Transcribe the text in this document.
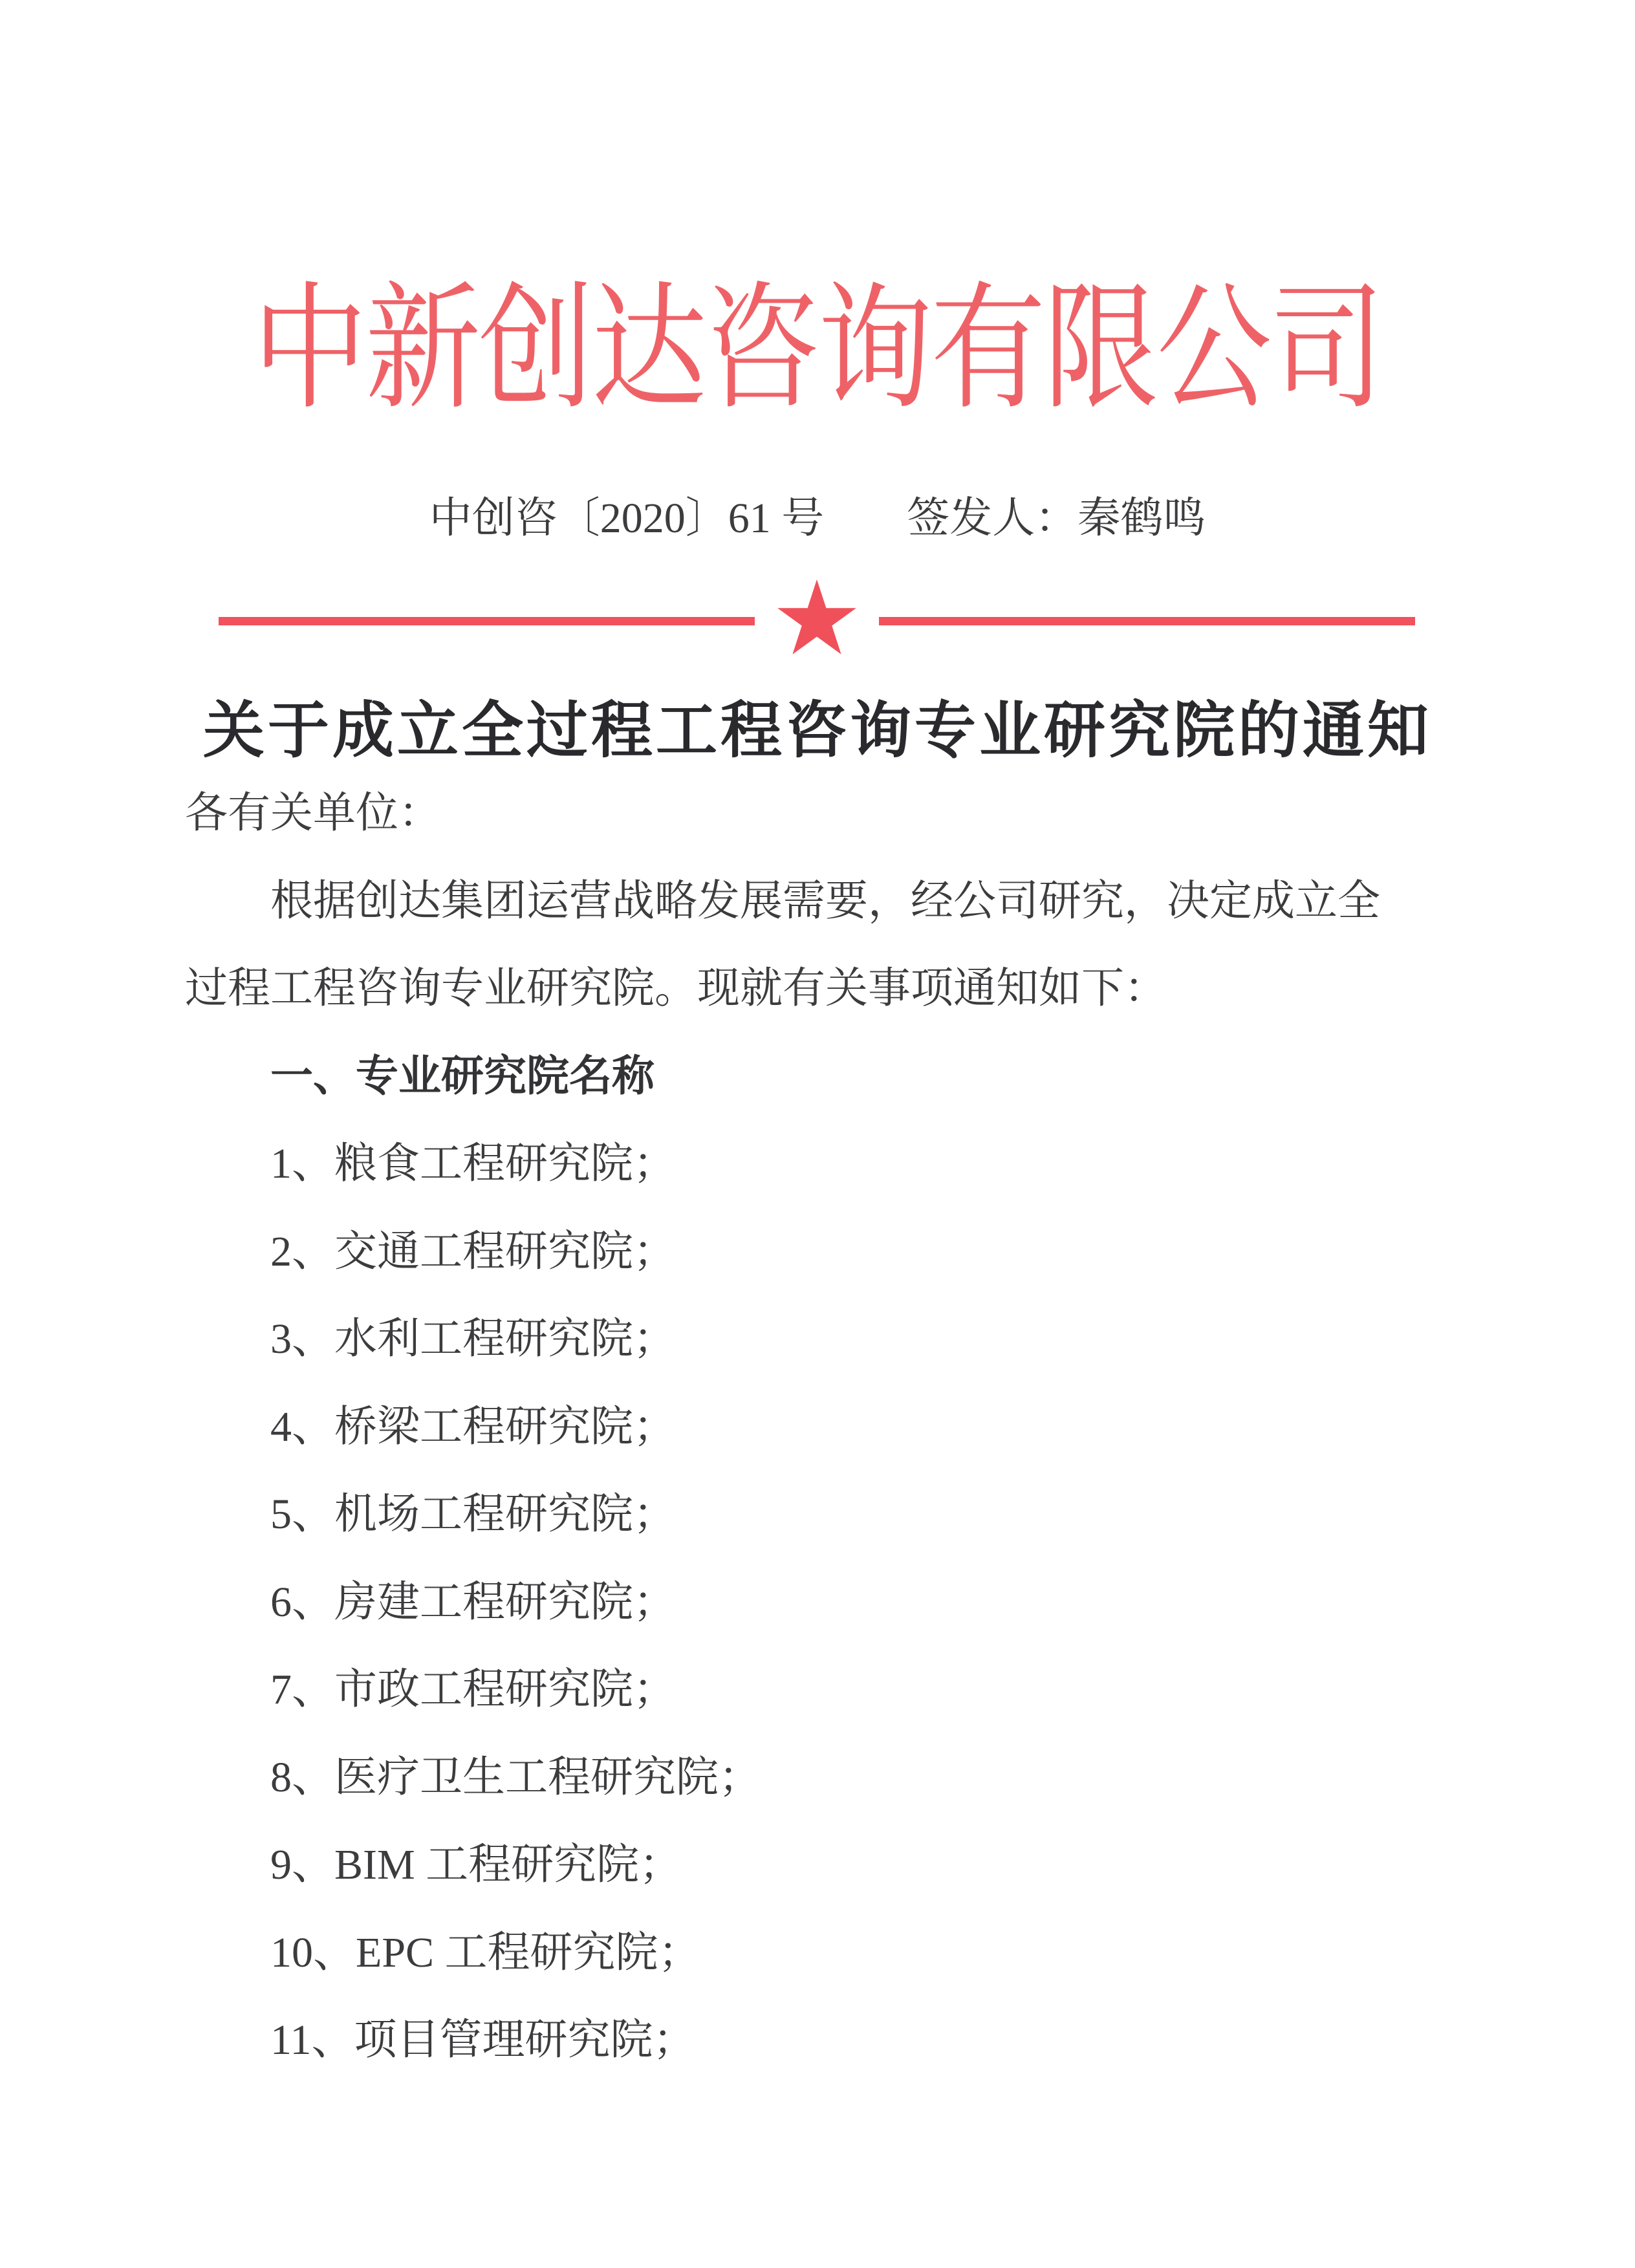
中新创达咨询有限公司
中创咨〔2020〕61 号 签发人：秦鹤鸣
关于成立全过程工程咨询专业研究院的通知
各有关单位：
根据创达集团运营战略发展需要，经公司研究，决定成立全
过程工程咨询专业研究院。现就有关事项通知如下：
一、专业研究院名称
1、粮食工程研究院；
2、交通工程研究院；
3、水利工程研究院；
4、桥梁工程研究院；
5、机场工程研究院；
6、房建工程研究院；
7、市政工程研究院；
8、医疗卫生工程研究院；
9、BIM 工程研究院；
10、EPC 工程研究院；
11、项目管理研究院；
